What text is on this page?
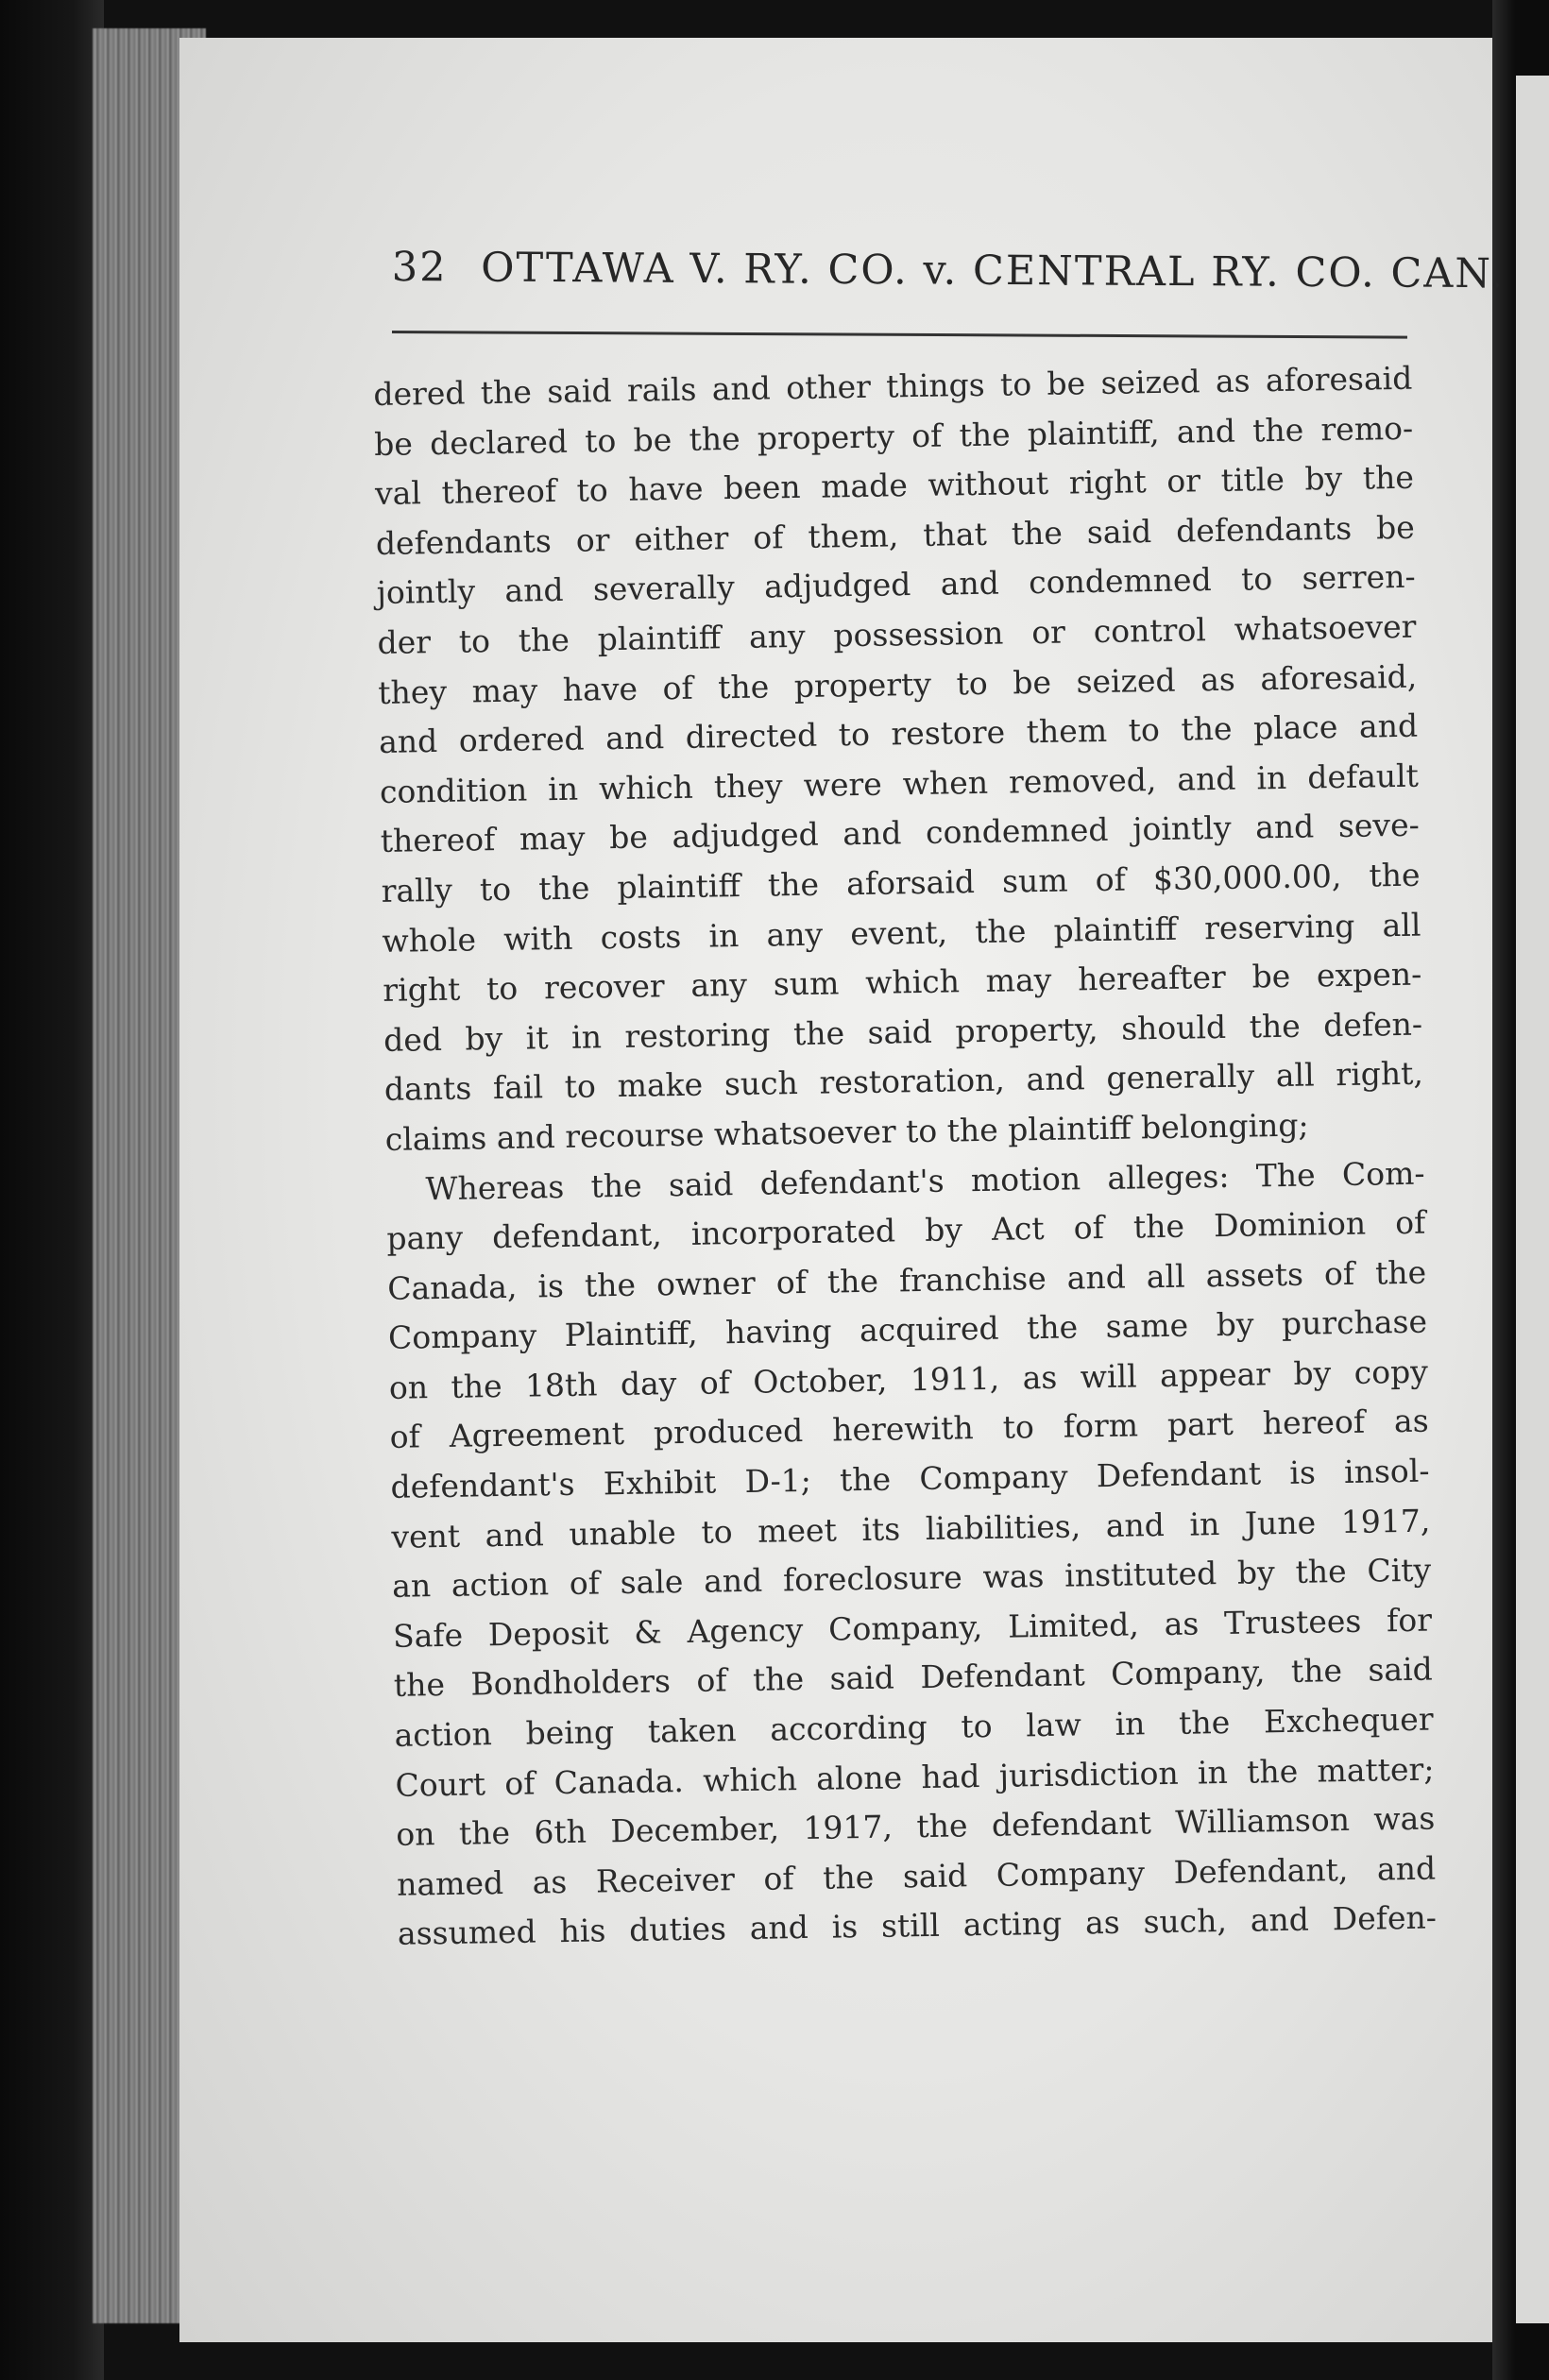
32 OTTAWA V. RY. CO. v. CENTRAL RY. CO. CAN.
dered the said rails and other things to be seized as aforesaid
be declared to be the property of the plaintiff, and the remo-
val thereof to have been made without right or title by the
defendants or either of them, that the said defendants be
jointly and severally adjudged and condemned to serren-
der to the plaintiff any possession or control whatsoever
they may have of the property to be seized as aforesaid,
and ordered and directed to restore them to the place and
condition in which they were when removed, and in default
thereof may be adjudged and condemned jointly and seve-
rally to the plaintiff the aforsaid sum of $30,000.00, the
whole with costs in any event, the plaintiff reserving all
right to recover any sum which may hereafter be expen-
ded by it in restoring the said property, should the defen-
dants fail to make such restoration, and generally all right,
claims and recourse whatsoever to the plaintiff belonging;
Whereas the said defendant's motion alleges: The Com-
pany defendant, incorporated by Act of the Dominion of
Canada, is the owner of the franchise and all assets of the
Company Plaintiff, having acquired the same by purchase
on the 18th day of October, 1911, as will appear by copy
of Agreement produced herewith to form part hereof as
defendant's Exhibit D-1; the Company Defendant is insol-
vent and unable to meet its liabilities, and in June 1917,
an action of sale and foreclosure was instituted by the City
Safe Deposit & Agency Company, Limited, as Trustees for
the Bondholders of the said Defendant Company, the said
action being taken according to law in the Exchequer
Court of Canada. which alone had jurisdiction in the matter;
on the 6th December, 1917, the defendant Williamson was
named as Receiver of the said Company Defendant, and
assumed his duties and is still acting as such, and Defen-
